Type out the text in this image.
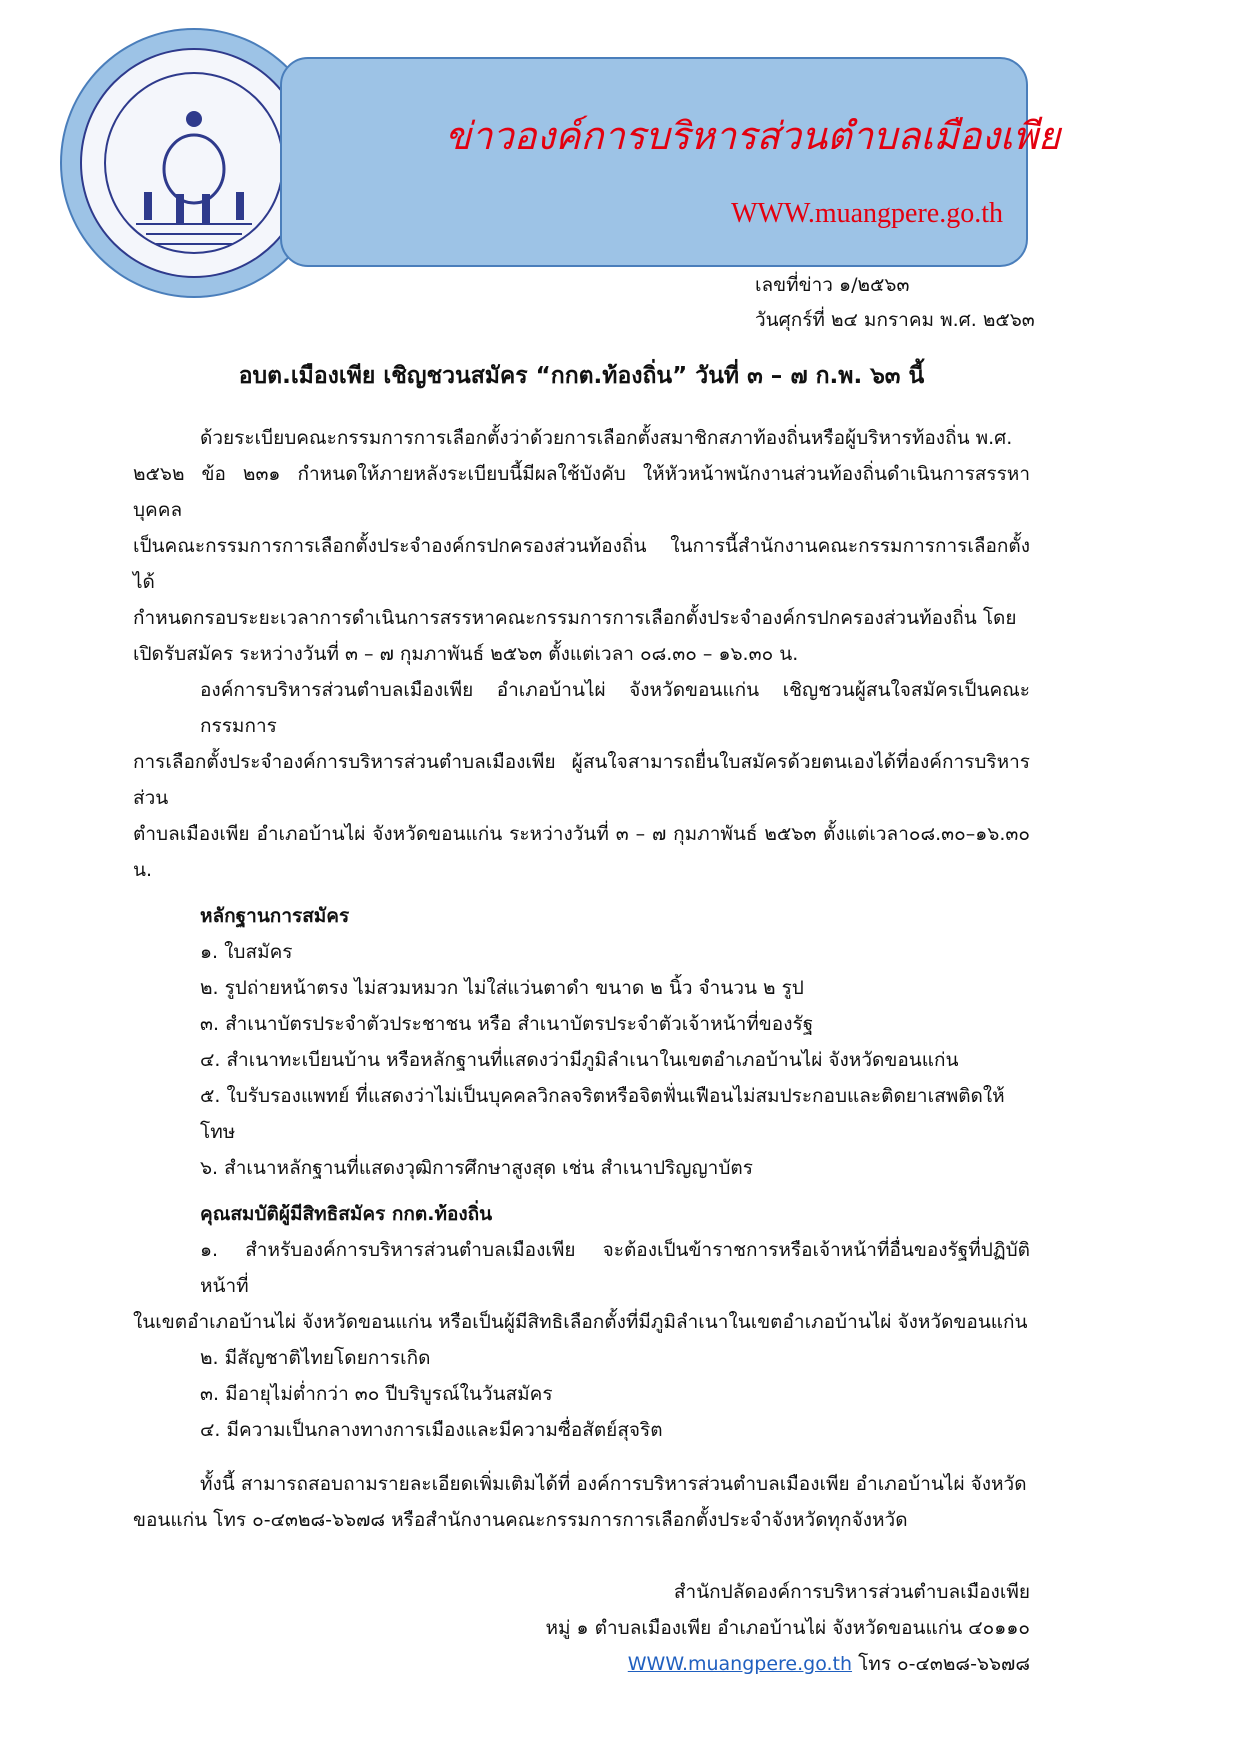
ข่าวองค์การบริหารส่วนตำบลเมืองเพีย
WWW.muangpere.go.th
เลขที่ข่าว ๑/๒๕๖๓
วันศุกร์ที่ ๒๔ มกราคม พ.ศ. ๒๕๖๓
อบต.เมืองเพีย เชิญชวนสมัคร “กกต.ท้องถิ่น” วันที่ ๓ – ๗ ก.พ. ๖๓ นี้
ด้วยระเบียบคณะกรรมการการเลือกตั้งว่าด้วยการเลือกตั้งสมาชิกสภาท้องถิ่นหรือผู้บริหารท้องถิ่น พ.ศ.
๒๕๖๒ ข้อ ๒๓๑ กำหนดให้ภายหลังระเบียบนี้มีผลใช้บังคับ ให้หัวหน้าพนักงานส่วนท้องถิ่นดำเนินการสรรหาบุคคล
เป็นคณะกรรมการการเลือกตั้งประจำองค์กรปกครองส่วนท้องถิ่น ในการนี้สำนักงานคณะกรรมการการเลือกตั้ง ได้
กำหนดกรอบระยะเวลาการดำเนินการสรรหาคณะกรรมการการเลือกตั้งประจำองค์กรปกครองส่วนท้องถิ่น โดย
เปิดรับสมัคร ระหว่างวันที่ ๓ – ๗ กุมภาพันธ์ ๒๕๖๓ ตั้งแต่เวลา ๐๘.๓๐ – ๑๖.๓๐ น.
องค์การบริหารส่วนตำบลเมืองเพีย อำเภอบ้านไผ่ จังหวัดขอนแก่น เชิญชวนผู้สนใจสมัครเป็นคณะกรรมการ
การเลือกตั้งประจำองค์การบริหารส่วนตำบลเมืองเพีย ผู้สนใจสามารถยื่นใบสมัครด้วยตนเองได้ที่องค์การบริหารส่วน
ตำบลเมืองเพีย อำเภอบ้านไผ่ จังหวัดขอนแก่น ระหว่างวันที่ ๓ – ๗ กุมภาพันธ์ ๒๕๖๓ ตั้งแต่เวลา๐๘.๓๐–๑๖.๓๐ น.
หลักฐานการสมัคร
๑. ใบสมัคร
๒. รูปถ่ายหน้าตรง ไม่สวมหมวก ไม่ใส่แว่นตาดำ ขนาด ๒ นิ้ว จำนวน ๒ รูป
๓. สำเนาบัตรประจำตัวประชาชน หรือ สำเนาบัตรประจำตัวเจ้าหน้าที่ของรัฐ
๔. สำเนาทะเบียนบ้าน หรือหลักฐานที่แสดงว่ามีภูมิลำเนาในเขตอำเภอบ้านไผ่ จังหวัดขอนแก่น
๕. ใบรับรองแพทย์ ที่แสดงว่าไม่เป็นบุคคลวิกลจริตหรือจิตฟั่นเฟือนไม่สมประกอบและติดยาเสพติดให้โทษ
๖. สำเนาหลักฐานที่แสดงวุฒิการศึกษาสูงสุด เช่น สำเนาปริญญาบัตร
คุณสมบัติผู้มีสิทธิสมัคร กกต.ท้องถิ่น
๑. สำหรับองค์การบริหารส่วนตำบลเมืองเพีย จะต้องเป็นข้าราชการหรือเจ้าหน้าที่อื่นของรัฐที่ปฏิบัติหน้าที่
ในเขตอำเภอบ้านไผ่ จังหวัดขอนแก่น หรือเป็นผู้มีสิทธิเลือกตั้งที่มีภูมิลำเนาในเขตอำเภอบ้านไผ่ จังหวัดขอนแก่น
๒. มีสัญชาติไทยโดยการเกิด
๓. มีอายุไม่ต่ำกว่า ๓๐ ปีบริบูรณ์ในวันสมัคร
๔. มีความเป็นกลางทางการเมืองและมีความซื่อสัตย์สุจริต
ทั้งนี้ สามารถสอบถามรายละเอียดเพิ่มเติมได้ที่ องค์การบริหารส่วนตำบลเมืองเพีย อำเภอบ้านไผ่ จังหวัด
ขอนแก่น โทร ๐-๔๓๒๘-๖๖๗๘ หรือสำนักงานคณะกรรมการการเลือกตั้งประจำจังหวัดทุกจังหวัด
สำนักปลัดองค์การบริหารส่วนตำบลเมืองเพีย
หมู่ ๑ ตำบลเมืองเพีย อำเภอบ้านไผ่ จังหวัดขอนแก่น ๔๐๑๑๐
WWW.muangpere.go.th โทร ๐-๔๓๒๘-๖๖๗๘
